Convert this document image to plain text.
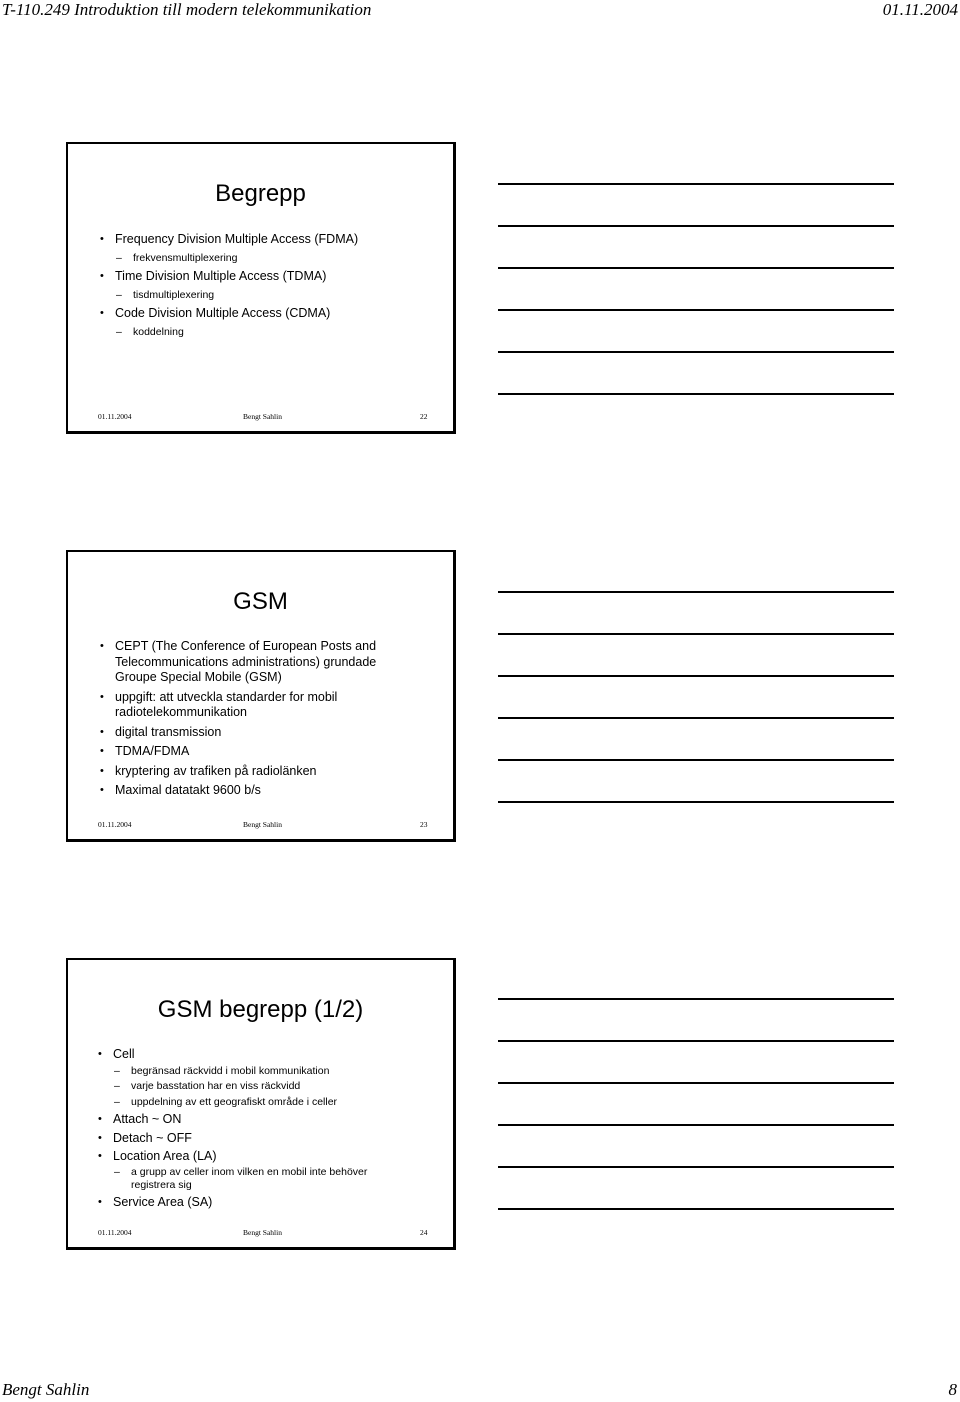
T-110.249 Introduktion till modern telekommunikation	01.11.2004
Begrepp
• Frequency Division Multiple Access (FDMA)
– frekvensmultiplexering
• Time Division Multiple Access (TDMA)
– tisdmultiplexering
• Code Division Multiple Access (CDMA)
– koddelning
01.11.2004	Bengt Sahlin	22
GSM
• CEPT (The Conference of European Posts and Telecommunications administrations) grundade Groupe Special Mobile (GSM)
• uppgift: att utveckla standarder for mobil radiotelekommunikation
• digital transmission
• TDMA/FDMA
• kryptering av trafiken på radiolänken
• Maximal datatakt 9600 b/s
01.11.2004	Bengt Sahlin	23
GSM begrepp (1/2)
• Cell
– begränsad räckvidd i mobil kommunikation
– varje basstation har en viss räckvidd
– uppdelning av ett geografiskt område i celler
• Attach ~ ON
• Detach ~ OFF
• Location Area (LA)
– a grupp av celler inom vilken en mobil inte behöver registrera sig
• Service Area (SA)
01.11.2004	Bengt Sahlin	24
Bengt Sahlin	8
